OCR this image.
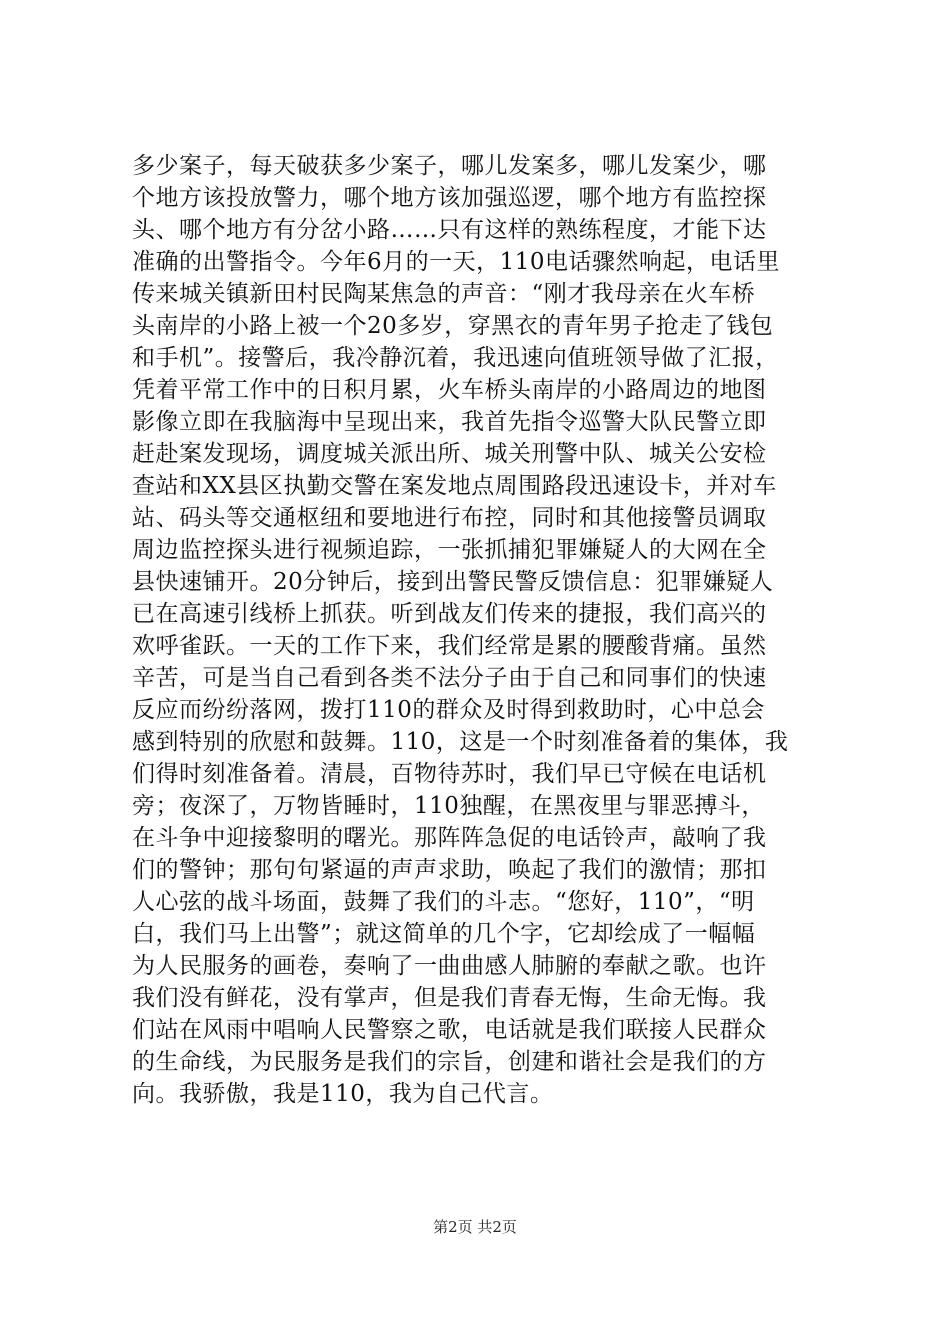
多少案子，每天破获多少案子，哪儿发案多，哪儿发案少，哪
个地方该投放警力，哪个地方该加强巡逻，哪个地方有监控探
头、哪个地方有分岔小路……只有这样的熟练程度，才能下达
准确的出警指令。今年6月的一天，110电话骤然响起，电话里
传来城关镇新田村民陶某焦急的声音：“刚才我母亲在火车桥
头南岸的小路上被一个20多岁，穿黑衣的青年男子抢走了钱包
和手机”。接警后，我冷静沉着，我迅速向值班领导做了汇报，
凭着平常工作中的日积月累，火车桥头南岸的小路周边的地图
影像立即在我脑海中呈现出来，我首先指令巡警大队民警立即
赶赴案发现场，调度城关派出所、城关刑警中队、城关公安检
查站和XX县区执勤交警在案发地点周围路段迅速设卡，并对车
站、码头等交通枢纽和要地进行布控，同时和其他接警员调取
周边监控探头进行视频追踪，一张抓捕犯罪嫌疑人的大网在全
县快速铺开。20分钟后，接到出警民警反馈信息：犯罪嫌疑人
已在高速引线桥上抓获。听到战友们传来的捷报，我们高兴的
欢呼雀跃。一天的工作下来，我们经常是累的腰酸背痛。虽然
辛苦，可是当自己看到各类不法分子由于自己和同事们的快速
反应而纷纷落网，拨打110的群众及时得到救助时，心中总会
感到特别的欣慰和鼓舞。110，这是一个时刻准备着的集体，我
们得时刻准备着。清晨，百物待苏时，我们早已守候在电话机
旁；夜深了，万物皆睡时，110独醒，在黑夜里与罪恶搏斗，
在斗争中迎接黎明的曙光。那阵阵急促的电话铃声，敲响了我
们的警钟；那句句紧逼的声声求助，唤起了我们的激情；那扣
人心弦的战斗场面，鼓舞了我们的斗志。“您好，110”，“明
白，我们马上出警”；就这简单的几个字，它却绘成了一幅幅
为人民服务的画卷，奏响了一曲曲感人肺腑的奉献之歌。也许
我们没有鲜花，没有掌声，但是我们青春无悔，生命无悔。我
们站在风雨中唱响人民警察之歌，电话就是我们联接人民群众
的生命线，为民服务是我们的宗旨，创建和谐社会是我们的方
向。我骄傲，我是110，我为自己代言。
第2页 共2页
